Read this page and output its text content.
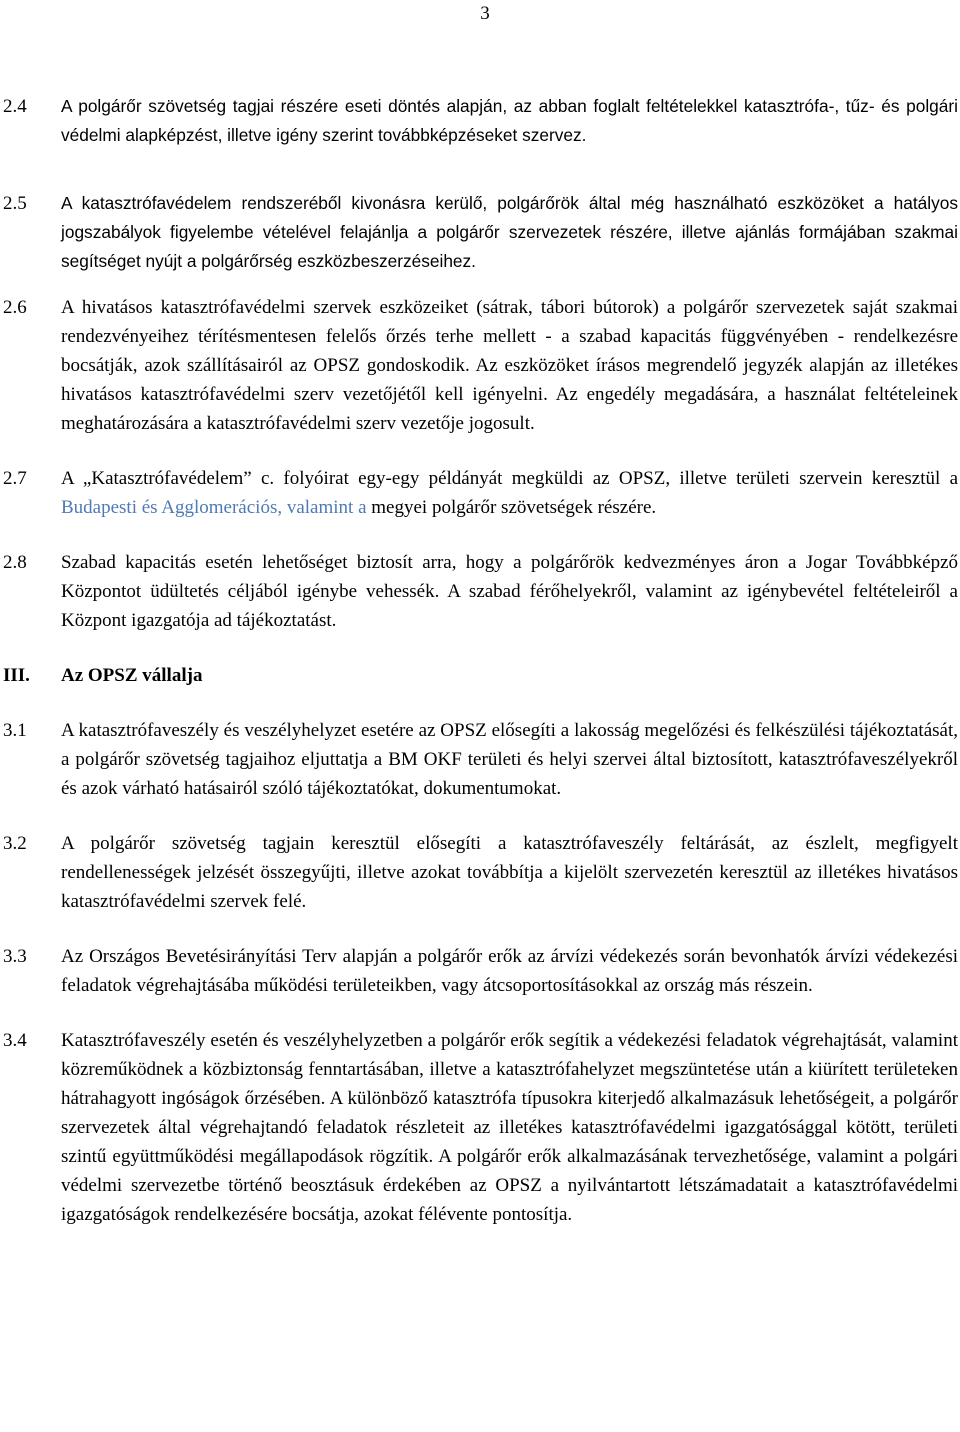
3
2.4	A polgárőr szövetség tagjai részére eseti döntés alapján, az abban foglalt feltételekkel katasztrófa-, tűz- és polgári védelmi alapképzést, illetve igény szerint továbbképzéseket szervez.
2.5	A katasztrófavédelem rendszeréből kivonásra kerülő, polgárőrök által még használható eszközöket a hatályos jogszabályok figyelembe vételével felajánlja a polgárőr szervezetek részére, illetve ajánlás formájában szakmai segítséget nyújt a polgárőrség eszközbeszerzéseihez.
2.6	A hivatásos katasztrófavédelmi szervek eszközeiket (sátrak, tábori bútorok) a polgárőr szervezetek saját szakmai rendezvényeihez térítésmentesen felelős őrzés terhe mellett - a szabad kapacitás függvényében - rendelkezésre bocsátják, azok szállításairól az OPSZ gondoskodik. Az eszközöket írásos megrendelő jegyzék alapján az illetékes hivatásos katasztrófavédelmi szerv vezetőjétől kell igényelni. Az engedély megadására, a használat feltételeinek meghatározására a katasztrófavédelmi szerv vezetője jogosult.
2.7	A „Katasztrófavédelem” c. folyóirat egy-egy példányát megküldi az OPSZ, illetve területi szervein keresztül a Budapesti és Agglomerációs, valamint a megyei polgárőr szövetségek részére.
2.8	Szabad kapacitás esetén lehetőséget biztosít arra, hogy a polgárőrök kedvezményes áron a Jogar Továbbképző Központot üdültetés céljából igénybe vehessék. A szabad férőhelyekről, valamint az igénybevétel feltételeiről a Központ igazgatója ad tájékoztatást.
III.	Az OPSZ vállalja
3.1	A katasztrófaveszély és veszélyhelyzet esetére az OPSZ elősegíti a lakosság megelőzési és felkészülési tájékoztatását, a polgárőr szövetség tagjaihoz eljuttatja a BM OKF területi és helyi szervei által biztosított, katasztrófaveszélyekről és azok várható hatásairól szóló tájékoztatókat, dokumentumokat.
3.2	A polgárőr szövetség tagjain keresztül elősegíti a katasztrófaveszély feltárását, az észlelt, megfigyelt rendellenességek jelzését összegyűjti, illetve azokat továbbítja a kijelölt szervezetén keresztül az illetékes hivatásos katasztrófavédelmi szervek felé.
3.3	Az Országos Bevetésirányítási Terv alapján a polgárőr erők az árvízi védekezés során bevonhatók árvízi védekezési feladatok végrehajtásába működési területeikben, vagy átcsoportosításokkal az ország más részein.
3.4	Katasztrófaveszély esetén és veszélyhelyzetben a polgárőr erők segítik a védekezési feladatok végrehajtását, valamint közreműködnek a közbiztonság fenntartásában, illetve a katasztrófahelyzet megszüntetése után a kiürített területeken hátrahagyott ingóságok őrzésében. A különböző katasztrófa típusokra kiterjedő alkalmazásuk lehetőségeit, a polgárőr szervezetek által végrehajtandó feladatok részleteit az illetékes katasztrófavédelmi igazgatósággal kötött, területi szintű együttműködési megállapodások rögzítik. A polgárőr erők alkalmazásának tervezhetősége, valamint a polgári védelmi szervezetbe történő beosztásuk érdekében az OPSZ a nyilvántartott létszámadatait a katasztrófavédelmi igazgatóságok rendelkezésére bocsátja, azokat félévente pontosítja.
